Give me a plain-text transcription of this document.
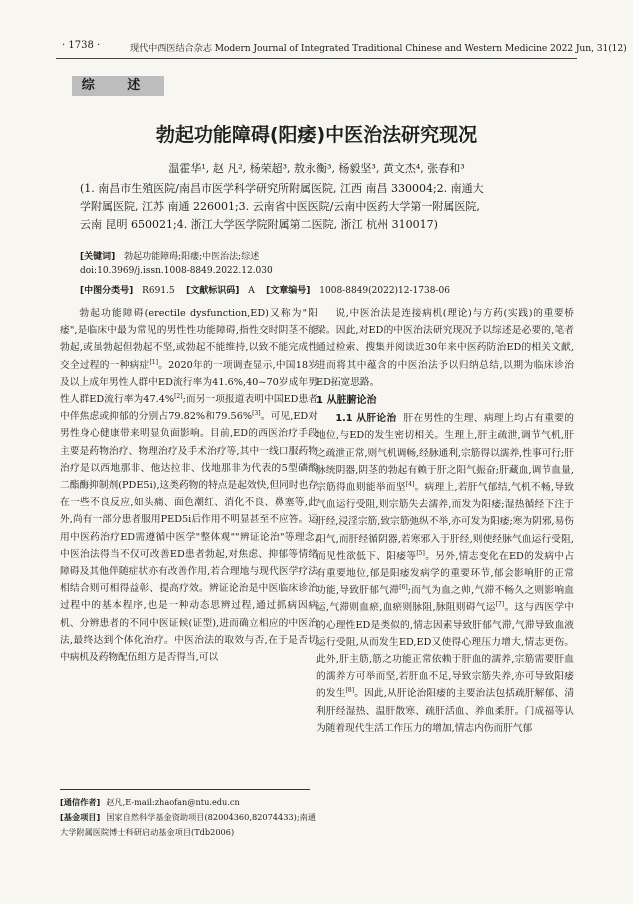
· 1738 ·	现代中西医结合杂志 Modern Journal of Integrated Traditional Chinese and Western Medicine 2022 Jun, 31(12)
综 述
勃起功能障碍(阳痿)中医治法研究现况
温霍华¹, 赵 凡², 杨荣超³, 敖永衡³, 杨毅坚³, 黄文杰⁴, 张春和³
(1. 南昌市生殖医院/南昌市医学科学研究所附属医院, 江西 南昌 330004;2. 南通大
学附属医院, 江苏 南通 226001;3. 云南省中医医院/云南中医药大学第一附属医院,
云南 昆明 650021;4. 浙江大学医学院附属第二医院, 浙江 杭州 310017)
[关键词] 勃起功能障碍;阳痿;中医治法;综述
doi:10.3969/j.issn.1008-8849.2022.12.030
[中图分类号] R691.5 [文献标识码] A [文章编号] 1008-8849(2022)12-1738-06

勃起功能障碍(erectile dysfunction,ED)又称为"阳痿",是临床中最为常见的男性性功能障碍,指性交时阴茎不能勃起,或虽勃起但勃起不坚,或勃起不能维持,以致不能完成性交全过程的一种病症[1]。2020年的一项调查显示,中国18岁及以上成年男性人群中ED流行率为41.6%,40~70岁成年男性人群ED流行率为47.4%[2];而另一项报道表明中国ED患者中伴焦虑或抑郁的分别占79.82%和79.56%[3]。可见,ED对男性身心健康带来明显负面影响。目前,ED的西医治疗手段主要是药物治疗、物理治疗及手术治疗等,其中一线口服药物治疗是以西地那非、他达拉非、伐地那非为代表的5型磷酸二酯酶抑制剂(PDE5i),这类药物的特点是起效快,但同时也存在一些不良反应,如头痛、面色潮红、消化不良、鼻塞等,此外,尚有一部分患者服用PED5i后作用不明显甚至不应答。运用中医药治疗ED需遵循中医学"整体观""辨证论治"等理念,中医治法得当不仅可改善ED患者勃起,对焦虑、抑郁等情绪障碍及其他伴随症状亦有改善作用,若合理地与现代医学疗法相结合则可相得益彰、提高疗效。辨证论治是中医临床诊治过程中的基本程序,也是一种动态思辨过程,通过抓病因病机、分辨患者的不同中医证候(证型),进而确立相应的中医治法,最终达到个体化治疗。中医治法的取效与否,在于是否切中病机及药物配伍组方是否得当,可以

[通信作者] 赵凡,E-mail:zhaofan@ntu.edu.cn
[基金项目] 国家自然科学基金资助项目(82004360,82074433);南通大学附属医院博士科研启动基金项目(Tdb2006)

说,中医治法是连接病机(理论)与方药(实践)的重要桥梁。因此,对ED的中医治法研究现况予以综述是必要的,笔者通过检索、搜集并阅读近30年来中医药防治ED的相关文献,进而将其中蕴含的中医治法予以归纳总结,以期为临床诊治ED拓宽思路。

1 从脏腑论治

1.1 从肝论治 肝在男性的生理、病理上均占有重要的地位,与ED的发生密切相关。生理上,肝主疏泄,调节气机,肝之疏泄正常,则气机调畅,经脉通利,宗筋得以濡养,性事可行;肝脉统阴器,阴茎的勃起有赖于肝之阳气振奋;肝藏血,调节血量,宗筋得血则能举而坚[4]。病理上,若肝气郁结,气机不畅,导致气血运行受阻,则宗筋失去濡养,而发为阳痿;湿热循经下注于肝经,浸淫宗筋,致宗筋弛纵不举,亦可发为阳痿;寒为阴邪,易伤阳气,而肝经循阴器,若寒邪入于肝经,则使经脉气血运行受阻,而见性欲低下、阳痿等[5]。另外,情志变化在ED的发病中占有重要地位,郁是阳痿发病学的重要环节,郁会影响肝的正常功能,导致肝郁气滞[6];而气为血之帅,气滞不畅久之则影响血运,气滞则血瘀,血瘀则脉阻,脉阻则碍气运[7]。这与西医学中的心理性ED是类似的,情志因素导致肝郁气滞,气滞导致血液运行受阻,从而发生ED,ED又使得心理压力增大,情志更伤。此外,肝主筋,筋之功能正常依赖于肝血的濡养,宗筋需要肝血的濡养方可举而坚,若肝血不足,导致宗筋失养,亦可导致阳痿的发生[8]。因此,从肝论治阳痿的主要治法包括疏肝解郁、清利肝经湿热、温肝散寒、疏肝活血、养血柔肝。门成福等认为随着现代生活工作压力的增加,情志内伤而肝气郁
